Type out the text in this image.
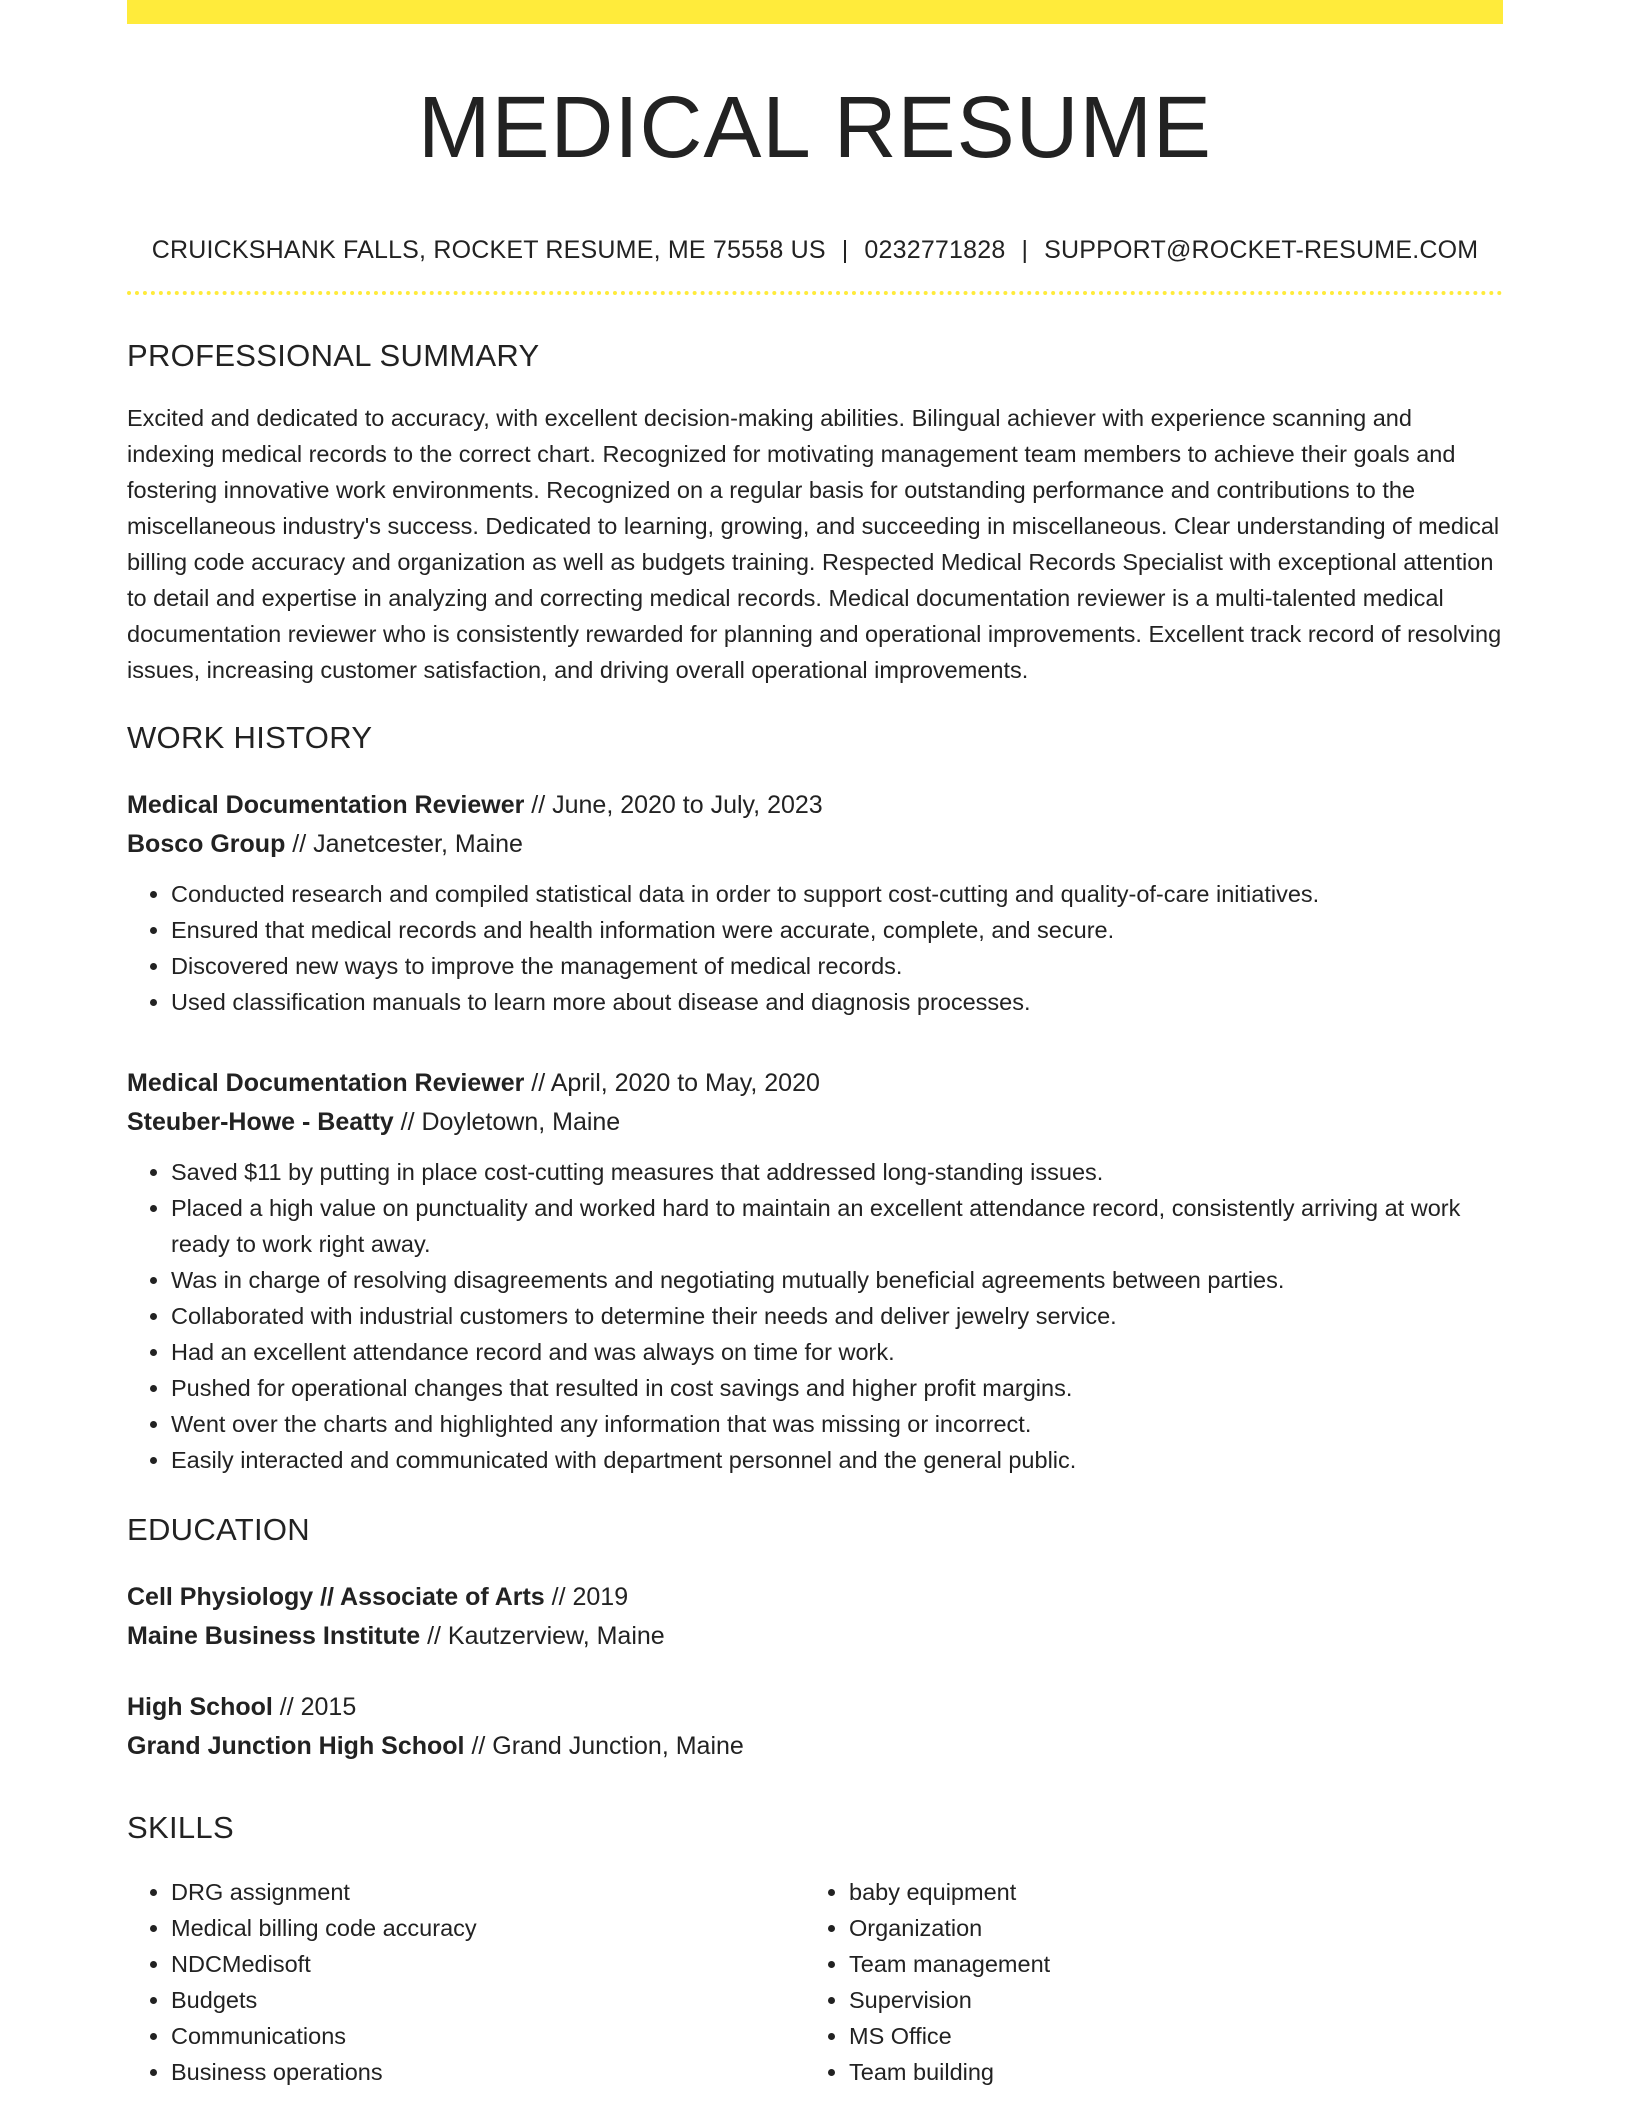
MEDICAL RESUME
CRUICKSHANK FALLS, ROCKET RESUME, ME 75558 US | 0232771828 | SUPPORT@ROCKET-RESUME.COM
PROFESSIONAL SUMMARY

Excited and dedicated to accuracy, with excellent decision-making abilities. Bilingual achiever with experience scanning and indexing medical records to the correct chart. Recognized for motivating management team members to achieve their goals and fostering innovative work environments. Recognized on a regular basis for outstanding performance and contributions to the miscellaneous industry's success. Dedicated to learning, growing, and succeeding in miscellaneous. Clear understanding of medical billing code accuracy and organization as well as budgets training. Respected Medical Records Specialist with exceptional attention to detail and expertise in analyzing and correcting medical records. Medical documentation reviewer is a multi-talented medical documentation reviewer who is consistently rewarded for planning and operational improvements. Excellent track record of resolving issues, increasing customer satisfaction, and driving overall operational improvements.

WORK HISTORY
Medical Documentation Reviewer // June, 2020 to July, 2023
Bosco Group // Janetcester, Maine
• Conducted research and compiled statistical data in order to support cost-cutting and quality-of-care initiatives.
• Ensured that medical records and health information were accurate, complete, and secure.
• Discovered new ways to improve the management of medical records.
• Used classification manuals to learn more about disease and diagnosis processes.
Medical Documentation Reviewer // April, 2020 to May, 2020
Steuber-Howe - Beatty // Doyletown, Maine
• Saved $11 by putting in place cost-cutting measures that addressed long-standing issues.
• Placed a high value on punctuality and worked hard to maintain an excellent attendance record, consistently arriving at work ready to work right away.
• Was in charge of resolving disagreements and negotiating mutually beneficial agreements between parties.
• Collaborated with industrial customers to determine their needs and deliver jewelry service.
• Had an excellent attendance record and was always on time for work.
• Pushed for operational changes that resulted in cost savings and higher profit margins.
• Went over the charts and highlighted any information that was missing or incorrect.
• Easily interacted and communicated with department personnel and the general public.
EDUCATION
Cell Physiology // Associate of Arts // 2019
Maine Business Institute // Kautzerview, Maine
High School // 2015
Grand Junction High School // Grand Junction, Maine
SKILLS
• DRG assignment
• Medical billing code accuracy
• NDCMedisoft
• Budgets
• Communications
• Business operations
• baby equipment
• Organization
• Team management
• Supervision
• MS Office
• Team building
